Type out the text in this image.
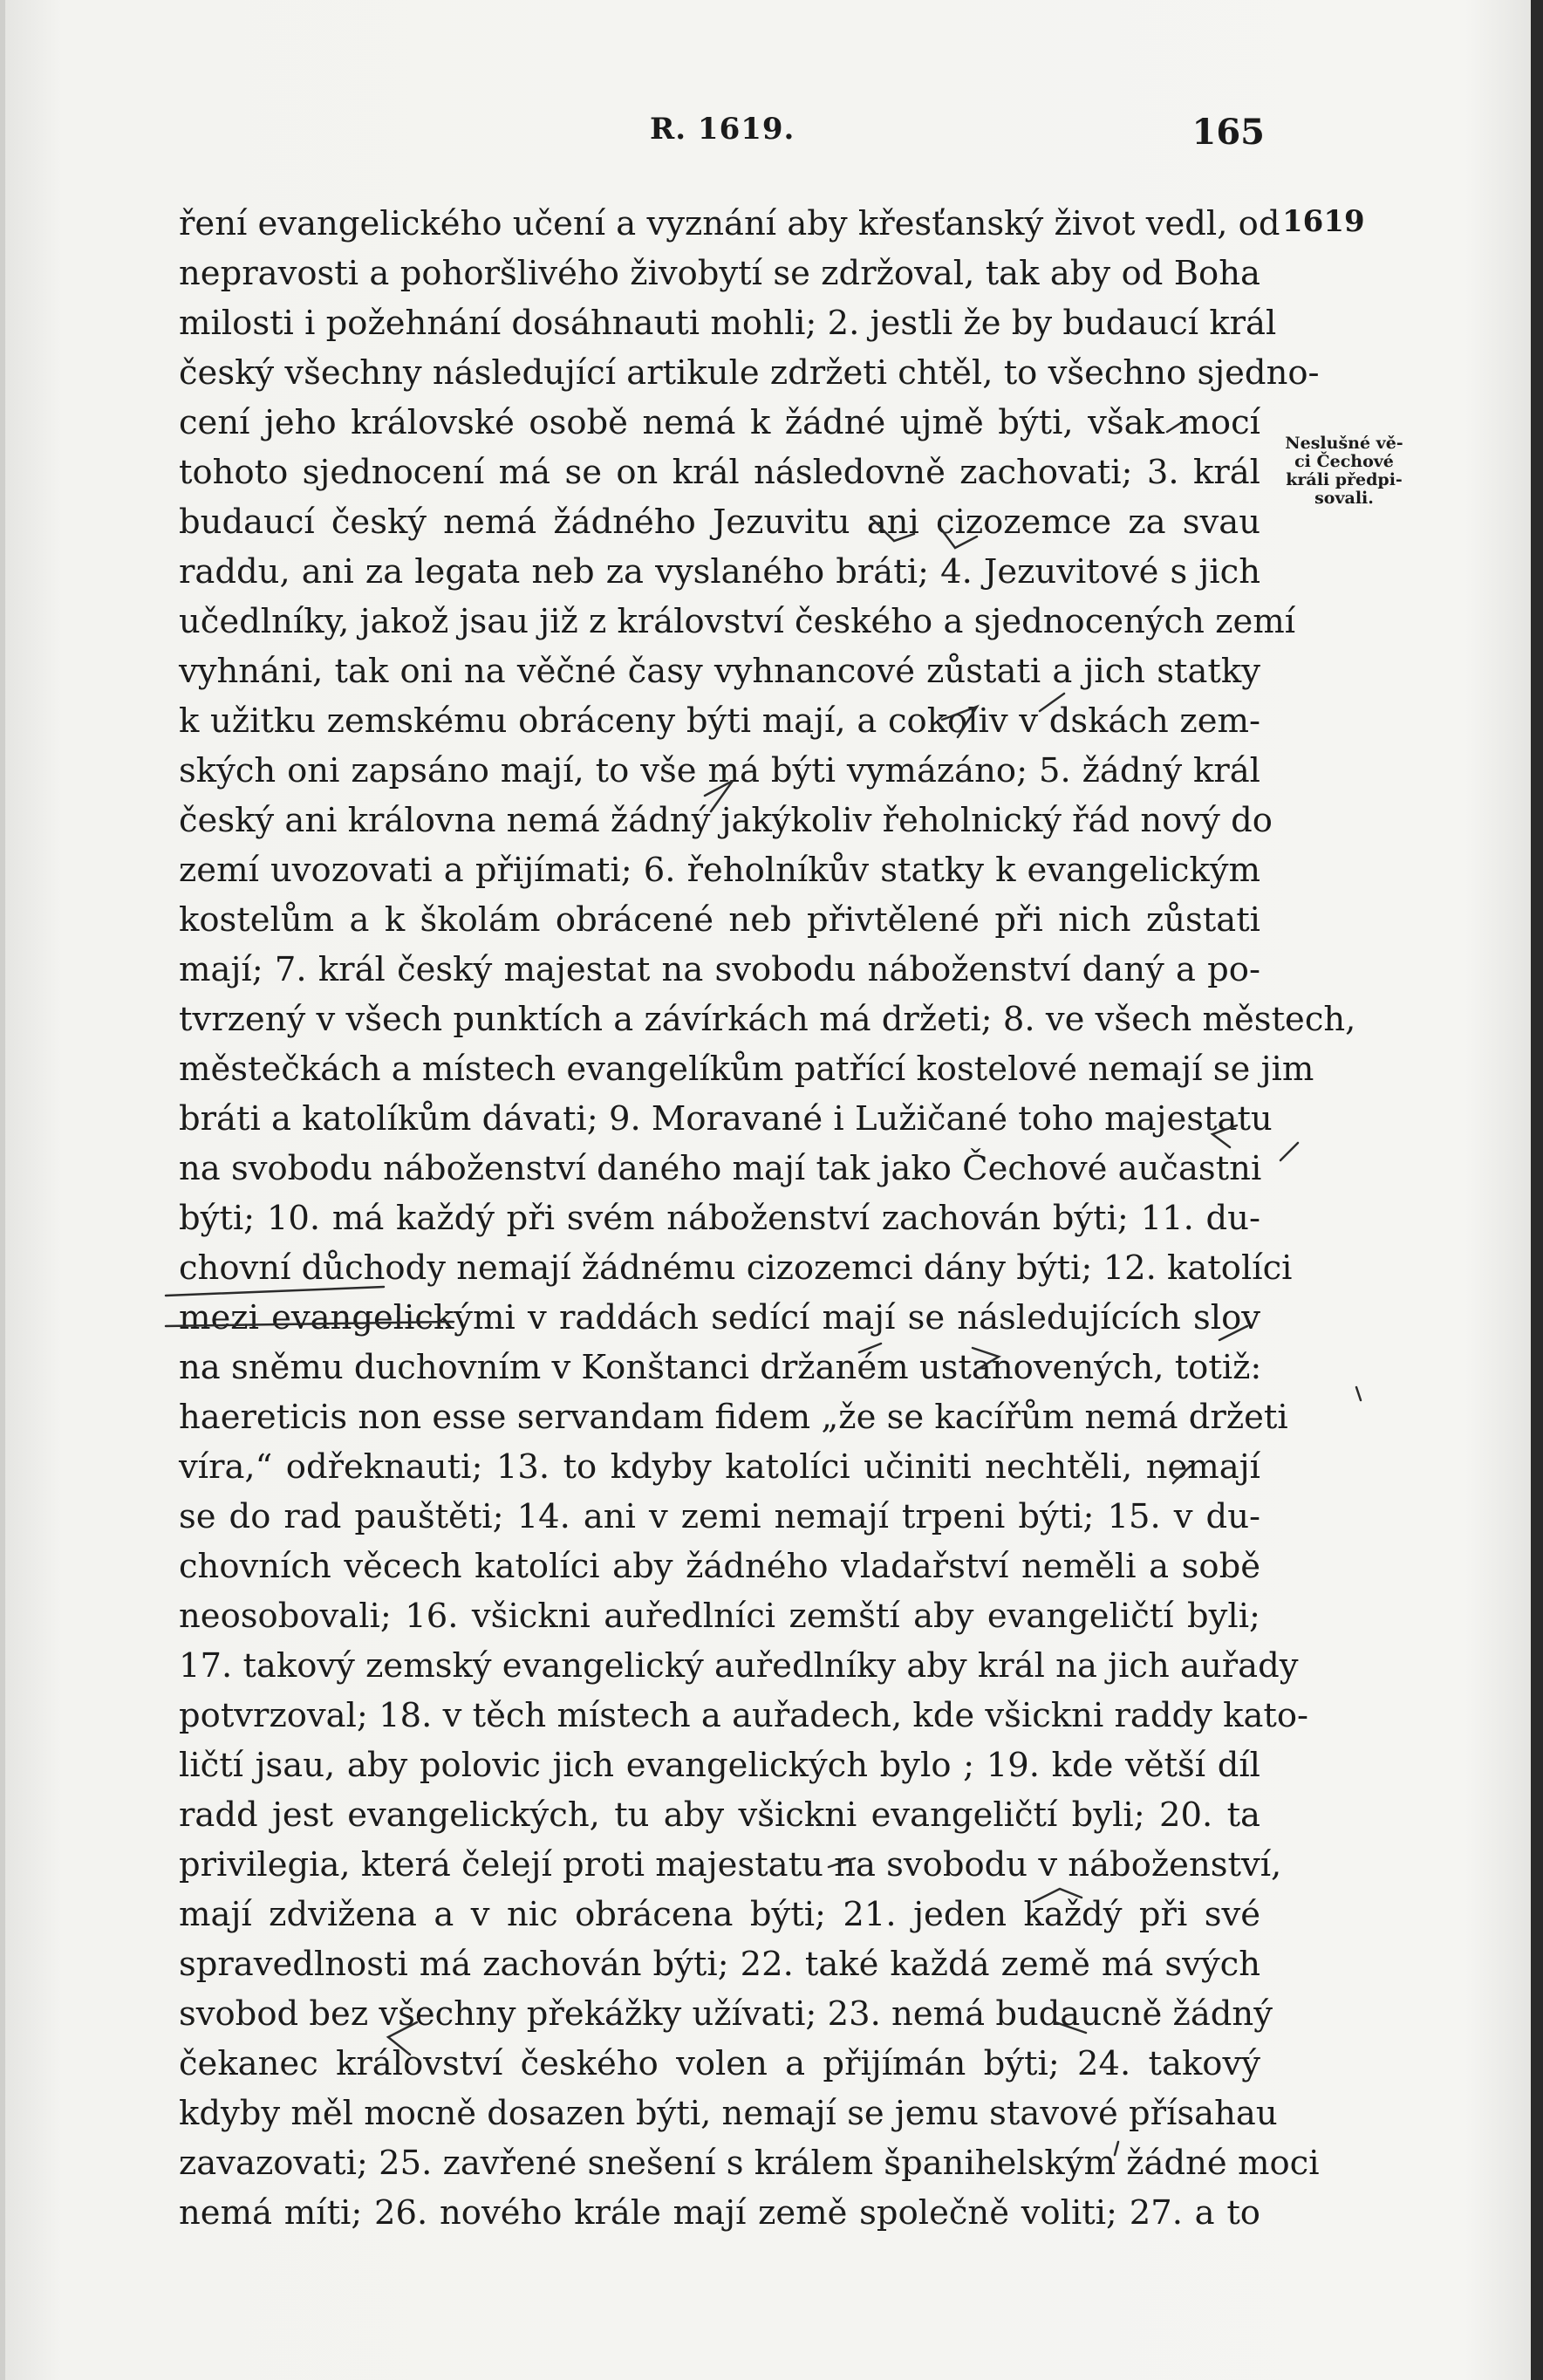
R. 1619.	165
1619
Neslušné vě-
ci Čechové
králi předpi-
sovali.
ření evangelického učení a vyznání aby křesťanský život vedl, od
nepravosti a pohoršlivého živobytí se zdržoval, tak aby od Boha
milosti i požehnání dosáhnauti mohli; 2. jestli že by budaucí král
český všechny následující artikule zdržeti chtěl, to všechno sjedno-
cení jeho královské osobě nemá k žádné ujmě býti, však mocí
tohoto sjednocení má se on král následovně zachovati; 3. král
budaucí český nemá žádného Jezuvitu ani cizozemce za svau
raddu, ani za legata neb za vyslaného bráti; 4. Jezuvitové s jich
učedlníky, jakož jsau již z království českého a sjednocených zemí
vyhnáni, tak oni na věčné časy vyhnancové zůstati a jich statky
k užitku zemskému obráceny býti mají, a cokoliv v dskách zem-
ských oni zapsáno mají, to vše má býti vymázáno; 5. žádný král
český ani královna nemá žádný jakýkoliv řeholnický řád nový do
zemí uvozovati a přijímati; 6. řeholníkův statky k evangelickým
kostelům a k školám obrácené neb přivtělené při nich zůstati
mají; 7. král český majestat na svobodu náboženství daný a po-
tvrzený v všech punktích a závírkách má držeti; 8. ve všech městech,
městečkách a místech evangelíkům patřící kostelové nemají se jim
bráti a katolíkům dávati; 9. Moravané i Lužičané toho majestatu
na svobodu náboženství daného mají tak jako Čechové aučastni
býti; 10. má každý při svém náboženství zachován býti; 11. du-
chovní důchody nemají žádnému cizozemci dány býti; 12. katolíci
mezi evangelickými v raddách sedící mají se následujících slov
na sněmu duchovním v Konštanci držaném ustanovených, totiž:
haereticis non esse servandam fidem „že se kacířům nemá držeti
víra,“ odřeknauti; 13. to kdyby katolíci učiniti nechtěli, nemají
se do rad pauštěti; 14. ani v zemi nemají trpeni býti; 15. v du-
chovních věcech katolíci aby žádného vladařství neměli a sobě
neosobovali; 16. všickni auředlníci zemští aby evangeličtí byli;
17. takový zemský evangelický auředlníky aby král na jich auřady
potvrzoval; 18. v těch místech a auřadech, kde všickni raddy kato-
ličtí jsau, aby polovic jich evangelických bylo ; 19. kde větší díl
radd jest evangelických, tu aby všickni evangeličtí byli; 20. ta
privilegia, která čelejí proti majestatu na svobodu v náboženství,
mají zdvižena a v nic obrácena býti; 21. jeden každý při své
spravedlnosti má zachován býti; 22. také každá země má svých
svobod bez všechny překážky užívati; 23. nemá budaucně žádný
čekanec království českého volen a přijímán býti; 24. takový
kdyby měl mocně dosazen býti, nemají se jemu stavové přísahau
zavazovati; 25. zavřené snešení s králem španihelským žádné moci
nemá míti; 26. nového krále mají země společně voliti; 27. a to
